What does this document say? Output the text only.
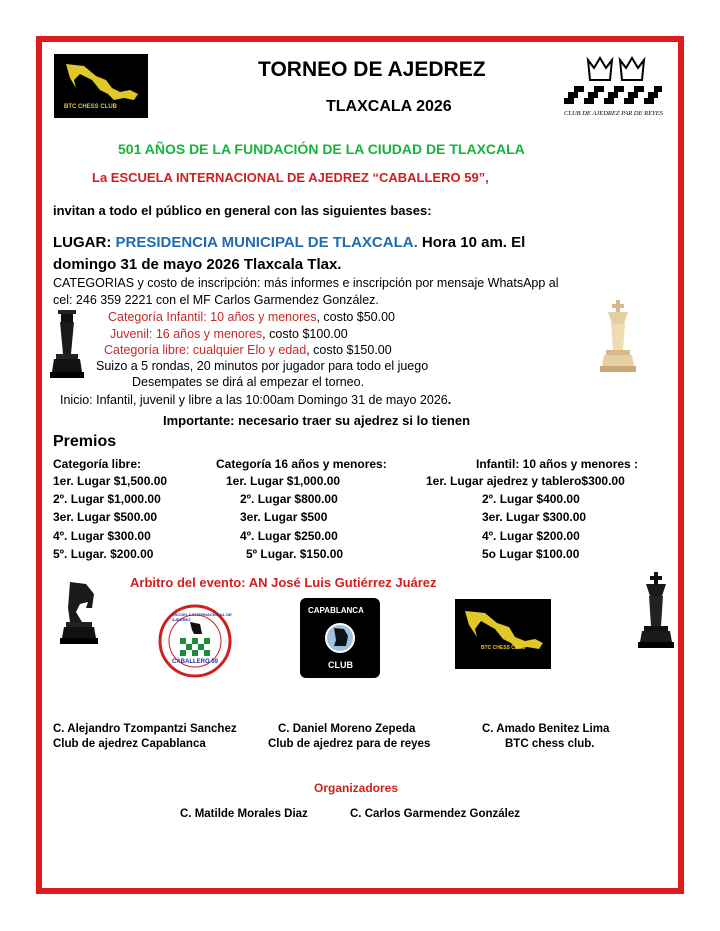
BTC CHESS CLUB
CLUB DE AJEDREZ PAR DE REYES
TORNEO DE AJEDREZ
TLAXCALA 2026
501 AÑOS DE LA FUNDACIÓN DE LA CIUDAD DE TLAXCALA
La ESCUELA INTERNACIONAL DE AJEDREZ “CABALLERO 59”,
invitan a todo el público en general con las siguientes bases:
LUGAR: PRESIDENCIA MUNICIPAL DE TLAXCALA. Hora 10 am. El
domingo 31 de mayo 2026 Tlaxcala Tlax.
CATEGORIAS y costo de inscripción: más informes e inscripción por mensaje WhatsApp al
cel: 246 359 2221 con el MF Carlos Garmendez González.
Categoría Infantil: 10 años y menores, costo $50.00
Juvenil: 16 años y menores, costo $100.00
Categoría libre: cualquier Elo y edad, costo $150.00
Suizo a 5 rondas, 20 minutos por jugador para todo el juego
Desempates se dirá al empezar el torneo.
Inicio: Infantil, juvenil y libre a las 10:00am Domingo 31 de mayo 2026.
Importante: necesario traer su ajedrez si lo tienen
Premios
Categoría libre:
1er. Lugar $1,500.00
2º. Lugar $1,000.00
3er. Lugar $500.00
4º. Lugar $300.00
5º. Lugar. $200.00
Categoría 16 años y menores:
1er. Lugar $1,000.00
2º. Lugar $800.00
3er. Lugar $500
4º. Lugar $250.00
5º Lugar. $150.00
Infantil: 10 años y menores :
1er. Lugar ajedrez y tablero$300.00
2º. Lugar $400.00
3er. Lugar $300.00
4º. Lugar $200.00
5o Lugar $100.00
Arbitro del evento: AN José Luis Gutiérrez Juárez
ESCUELA INTERNACIONAL DE AJEDREZ
CABALLERO 59
CAPABLANCA
CLUB
BTC CHESS CLUB
C. Alejandro Tzompantzi Sanchez
Club de ajedrez Capablanca
C. Daniel Moreno Zepeda
Club de ajedrez para de reyes
C. Amado Benitez Lima
BTC chess club.
Organizadores
C. Matilde Morales Diaz	C. Carlos Garmendez González
